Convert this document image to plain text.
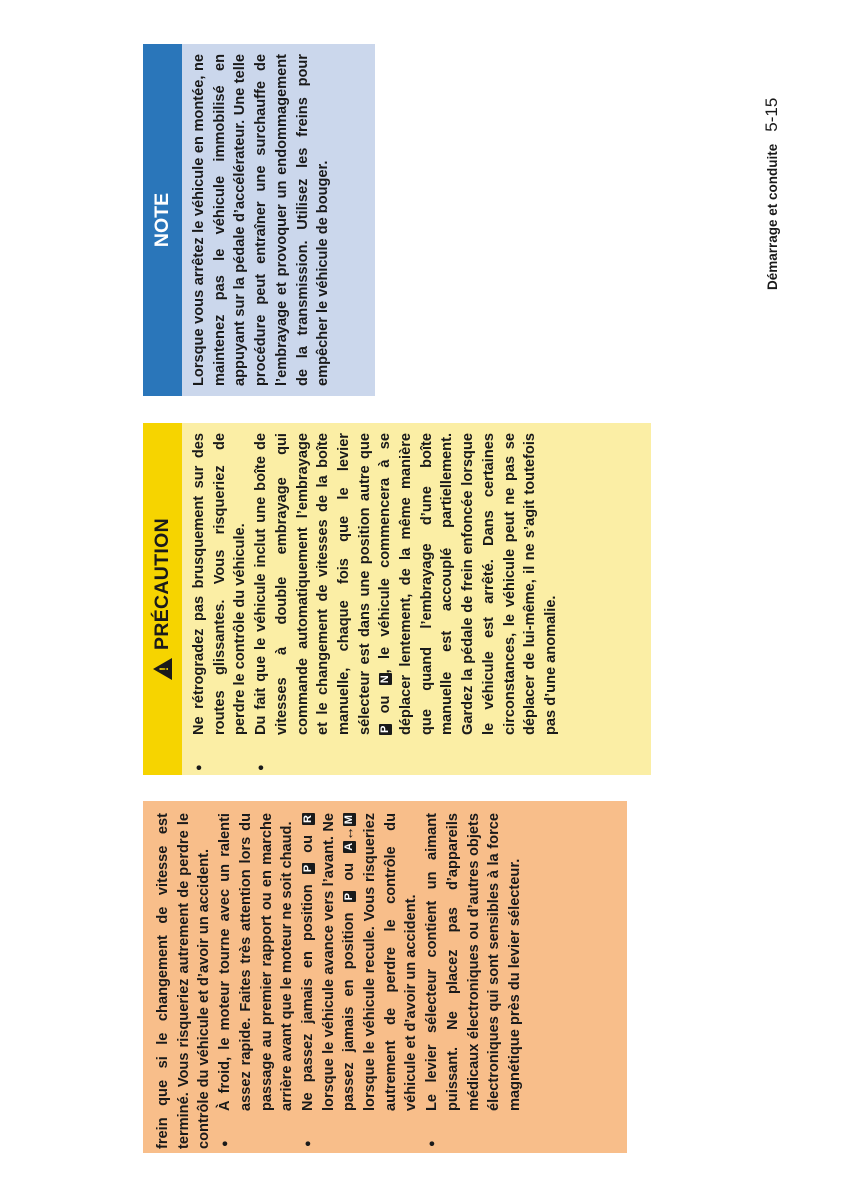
frein que si le changement de vitesse est terminé. Vous risqueriez autrement de perdre le contrôle du véhicule et d’avoir un accident. ● À froid, le moteur tourne avec un ralenti assez rapide. Faites très attention lors du passage au premier rapport ou en marche arrière avant que le moteur ne soit chaud. ● Ne passez jamais en position P ou R lorsque le véhicule avance vers l’avant. Ne passez jamais en position P ou A↔M lorsque le véhicule recule. Vous risqueriez autrement de perdre le contrôle du véhicule et d’avoir un accident. ● Le levier sélecteur contient un aimant puissant. Ne placez pas d’appareils médicaux électroniques ou d’autres objets électroniques qui sont sensibles à la force magnétique près du levier sélecteur.
!
PRÉCAUTION ● Ne rétrogradez pas brusquement sur des routes glissantes. Vous risqueriez de perdre le contrôle du véhicule. ● Du fait que le véhicule inclut une boîte de vitesses à double embrayage qui commande automatiquement l’embrayage et le changement de vitesses de la boîte manuelle, chaque fois que le levier sélecteur est dans une position autre que P ou N, le véhicule commencera à se déplacer lentement, de la même manière que quand l’embrayage d’une boîte manuelle est accouplé partiellement. Gardez la pédale de frein enfoncée lorsque le véhicule est arrêté. Dans certaines circonstances, le véhicule peut ne pas se déplacer de lui-même, il ne s’agit toutefois pas d’une anomalie.
NOTE	Lorsque vous arrêtez le véhicule en montée, ne maintenez pas le véhicule immobilisé en appuyant sur la pédale d’accélérateur. Une telle procédure peut entraîner une surchauffe de l’embrayage et provoquer un endommagement de la transmission. Utilisez les freins pour empêcher le véhicule de bouger.	Démarrage et conduite
5-15
